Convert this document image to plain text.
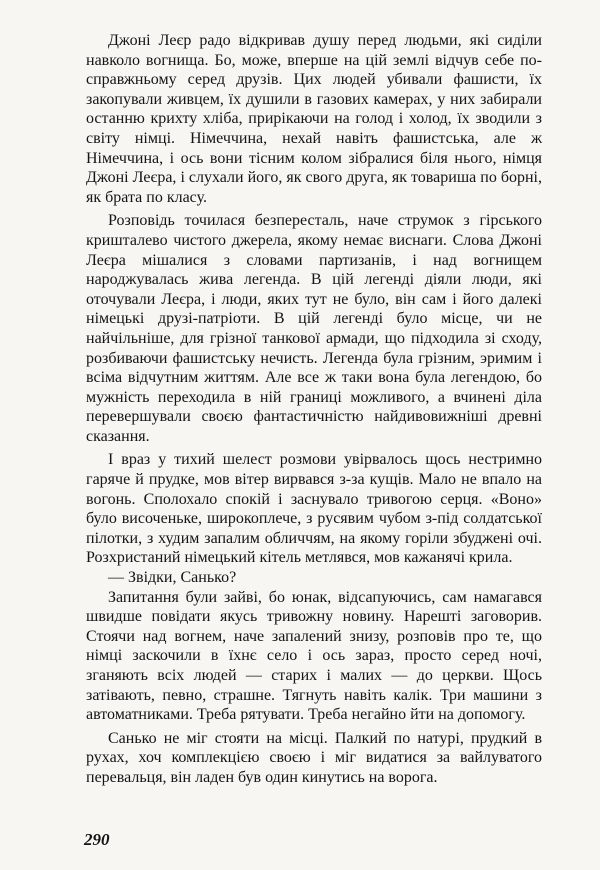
Джоні Леєр радо відкривав душу перед людьми, які сиділи навколо вогнища. Бо, може, вперше на цій землі відчув себе по-справжньому серед друзів. Цих людей убивали фашисти, їх закопували живцем, їх душили в газових камерах, у них забирали останню крихту хліба, прирікаючи на голод і холод, їх зводили з світу німці. Німеччина, нехай навіть фашистська, але ж Німеччина, і ось вони тісним колом зібралися біля нього, німця Джоні Леєра, і слухали його, як свого друга, як товариша по борні, як брата по класу.

Розповідь точилася безпересталь, наче струмок з гірського кришталево чистого джерела, якому немає виснаги. Слова Джоні Леєра мішалися з словами партизанів, і над вогнищем народжувалась жива легенда. В цій легенді діяли люди, які оточували Леєра, і люди, яких тут не було, він сам і його далекі німецькі друзі-патріоти. В цій легенді було місце, чи не найчільніше, для грізної танкової армади, що підходила зі сходу, розбиваючи фашистську нечисть. Легенда була грізним, эримим і всіма відчутним життям. Але все ж таки вона була легендою, бо мужність переходила в ній границі можливого, а вчинені діла перевершували своєю фантастичністю найдивовижніші древні сказання.

І враз у тихий шелест розмови увірвалось щось нестримно гаряче й прудке, мов вітер вирвався з-за кущів. Мало не впало на вогонь. Сполохало спокій і заснувало тривогою серця. «Воно» було височеньке, широкоплече, з русявим чубом з-під солдатської пілотки, з худим запалим обличчям, на якому горіли збуджені очі. Розхристаний німецький кітель метлявся, мов кажанячі крила.

— Звідки, Санько?

Запитання були зайві, бо юнак, відсапуючись, сам намагався швидше повідати якусь тривожну новину. Нарешті заговорив. Стоячи над вогнем, наче запалений знизу, розповів про те, що німці заскочили в їхнє село і ось зараз, просто серед ночі, зганяють всіх людей — старих і малих — до церкви. Щось затівають, певно, страшне. Тягнуть навіть калік. Три машини з автоматниками. Треба рятувати. Треба негайно йти на допомогу.

Санько не міг стояти на місці. Палкий по натурі, прудкий в рухах, хоч комплекцією своєю і міг видатися за вайлуватого перевальця, він ладен був один кинутись на ворога.

290
